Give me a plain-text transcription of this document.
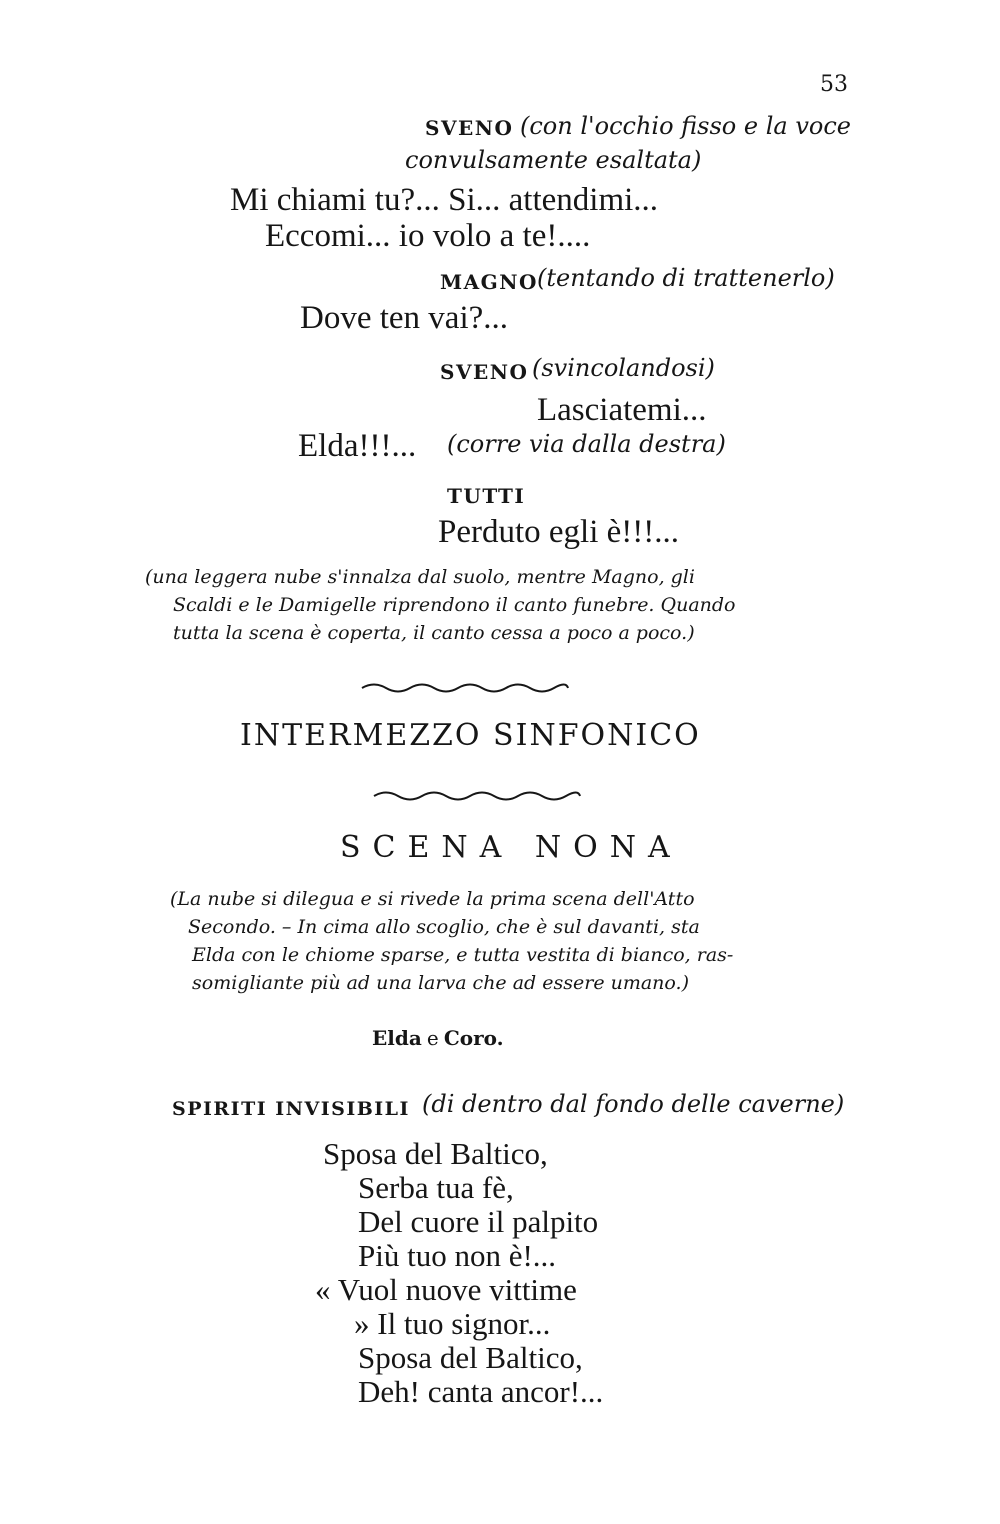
53
SVENO (con l'occhio fisso e la voce
convulsamente esaltata)
Mi chiami tu?... Si... attendimi...
Eccomi... io volo a te!....
MAGNO (tentando di trattenerlo)
Dove ten vai?...
SVENO (svincolandosi)
Lasciatemi...
Elda!!!... (corre via dalla destra)
TUTTI
Perduto egli è!!!...
(una leggera nube s'innalza dal suolo, mentre Magno, gli
Scaldi e le Damigelle riprendono il canto funebre. Quando
tutta la scena è coperta, il canto cessa a poco a poco.)
INTERMEZZO SINFONICO
SCENA NONA
(La nube si dilegua e si rivede la prima scena dell'Atto
Secondo. – In cima allo scoglio, che è sul davanti, sta
Elda con le chiome sparse, e tutta vestita di bianco, ras-
somigliante più ad una larva che ad essere umano.)
Elda e Coro.
SPIRITI INVISIBILI (di dentro dal fondo delle caverne)
Sposa del Baltico,
Serba tua fè,
Del cuore il palpito
Più tuo non è!...
« Vuol nuove vittime
» Il tuo signor...
Sposa del Baltico,
Deh! canta ancor!...
